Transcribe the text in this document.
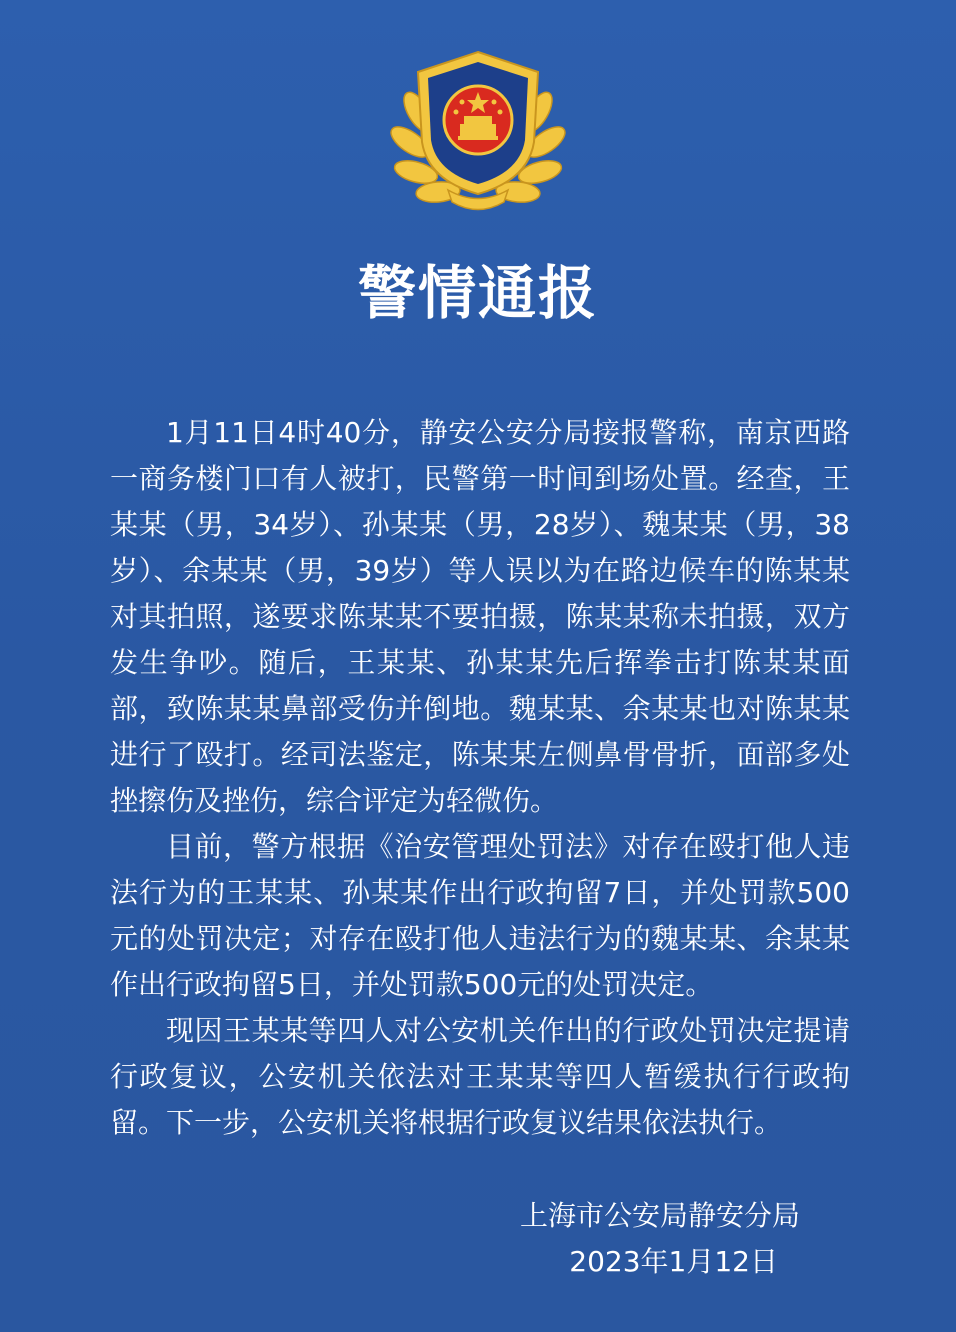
警情通报

1月11日4时40分，静安公安分局接报警称，南京西路一商务楼门口有人被打，民警第一时间到场处置。经查，王某某（男，34岁）、孙某某（男，28岁）、魏某某（男，38岁）、余某某（男，39岁）等人误以为在路边候车的陈某某对其拍照，遂要求陈某某不要拍摄，陈某某称未拍摄，双方发生争吵。随后，王某某、孙某某先后挥拳击打陈某某面部，致陈某某鼻部受伤并倒地。魏某某、余某某也对陈某某进行了殴打。经司法鉴定，陈某某左侧鼻骨骨折，面部多处挫擦伤及挫伤，综合评定为轻微伤。

目前，警方根据《治安管理处罚法》对存在殴打他人违法行为的王某某、孙某某作出行政拘留7日，并处罚款500元的处罚决定；对存在殴打他人违法行为的魏某某、余某某作出行政拘留5日，并处罚款500元的处罚决定。

现因王某某等四人对公安机关作出的行政处罚决定提请行政复议，公安机关依法对王某某等四人暂缓执行行政拘留。下一步，公安机关将根据行政复议结果依法执行。

上海市公安局静安分局
2023年1月12日
